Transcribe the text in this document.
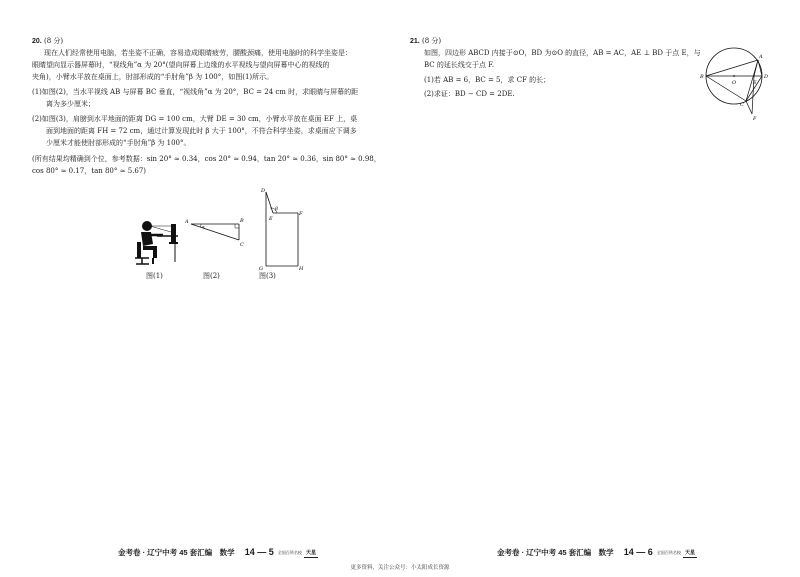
20. (8 分)
现在人们经常使用电脑，若坐姿不正确，容易造成眼睛疲劳，腰酸颈痛，使用电脑时的科学坐姿是：
眼睛望向显示器屏幕时，“视线角”α 为 20°(望向屏幕上边缘的水平视线与望向屏幕中心的视线的
夹角)，小臂水平放在桌面上，肘部形成的“手肘角”β 为 100°，如图(1)所示。
(1)如图(2)，当水平视线 AB 与屏幕 BC 垂直，“视线角”α 为 20°，BC = 24 cm 时，求眼睛与屏幕的距
离为多少厘米；
(2)如图(3)，肩膀到水平地面的距离 DG = 100 cm，大臂 DE = 30 cm，小臂水平放在桌面 EF 上，桌
面到地面的距离 FH = 72 cm，通过计算发现此时 β 大于 100°，不符合科学坐姿，求桌面应下调多
少厘米才能使肘部形成的“手肘角”β 为 100°。
(所有结果均精确到个位，参考数据：sin 20° ≈ 0.34，cos 20° ≈ 0.94，tan 20° ≈ 0.36，sin 80° ≈ 0.98，
cos 80° ≈ 0.17，tan 80° ≈ 5.67)
图(1)
A	B
C
α
图(2)
D
E
F
G	H
β
图(3)
21. (8 分)
如图，四边形 ABCD 内接于⊙O，BD 为⊙O 的直径，AB = AC，AE ⊥ BD 于点 E，与
BC 的延长线交于点 F.
(1)若 AB = 6，BC = 5，求 CF 的长；
(2)求证：BD − CD = 2DE.
A
B
C
D
E
O
F
金考卷 · 辽宁中考 45 套汇编　数学 14 — 5 全国百所名校 天星	金考卷 · 辽宁中考 45 套汇编　数学 14 — 6 全国百所名校 天星
更多资料，关注公众号：小太阳成长资源
